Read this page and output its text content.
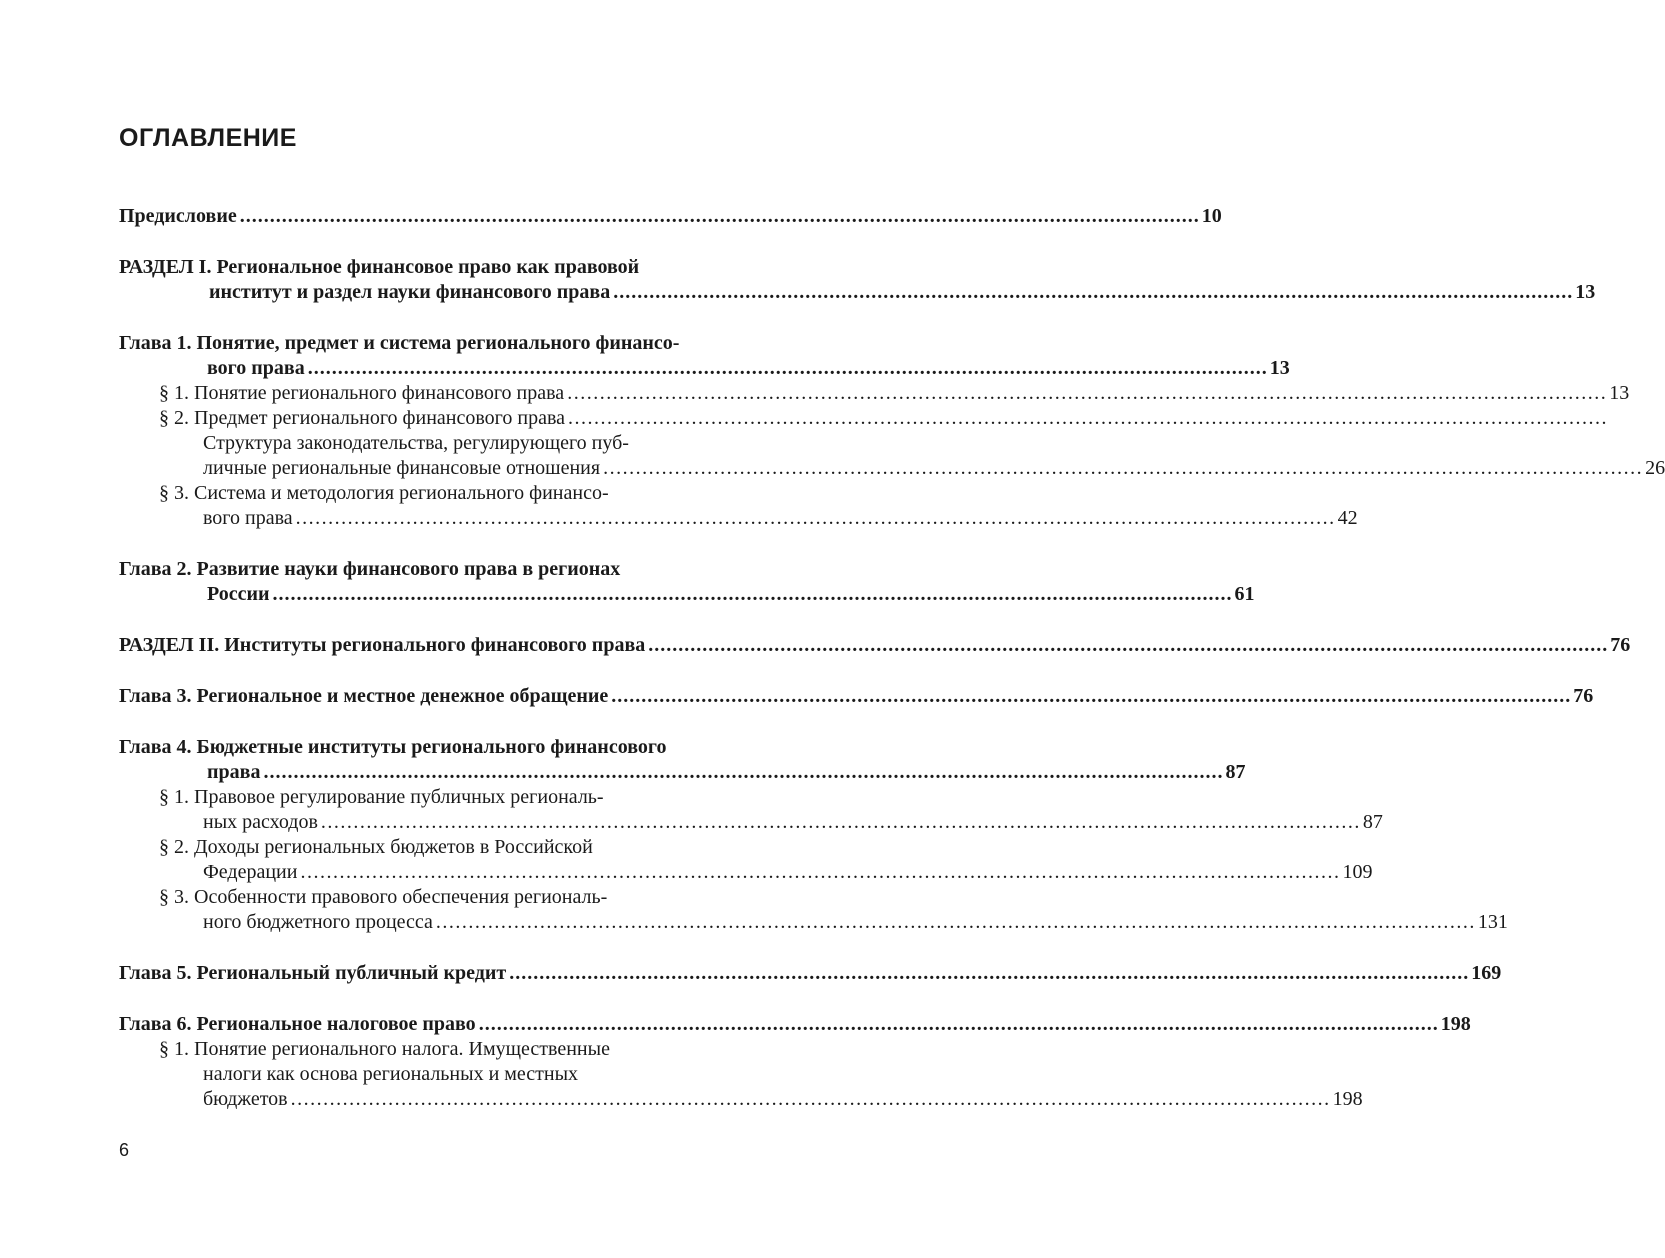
ОГЛАВЛЕНИЕ
Предисловие ................................................................................................................................................................ 10
РАЗДЕЛ I. Региональное финансовое право как правовой
институт и раздел науки финансового права ................................................................................................................................................................ 13
Глава 1. Понятие, предмет и система регионального финансо-
вого права ................................................................................................................................................................ 13
§ 1. Понятие регионального финансового права ................................................................................................................................................................ 13
§ 2. Предмет регионального финансового права ................................................................................................................................................................
Структура законодательства, регулирующего пуб-
личные региональные финансовые отношения ................................................................................................................................................................ 26
§ 3. Система и методология регионального финансо-
вого права ................................................................................................................................................................ 42
Глава 2. Развитие науки финансового права в регионах
России ................................................................................................................................................................ 61
РАЗДЕЛ II. Институты регионального финансового права ................................................................................................................................................................ 76
Глава 3. Региональное и местное денежное обращение ................................................................................................................................................................ 76
Глава 4. Бюджетные институты регионального финансового
права ................................................................................................................................................................ 87
§ 1. Правовое регулирование публичных региональ-
ных расходов ................................................................................................................................................................ 87
§ 2. Доходы региональных бюджетов в Российской
Федерации ................................................................................................................................................................ 109
§ 3. Особенности правового обеспечения региональ-
ного бюджетного процесса ................................................................................................................................................................ 131
Глава 5. Региональный публичный кредит ................................................................................................................................................................ 169
Глава 6. Региональное налоговое право ................................................................................................................................................................ 198
§ 1. Понятие регионального налога. Имущественные
налоги как основа региональных и местных
бюджетов ................................................................................................................................................................ 198
6
